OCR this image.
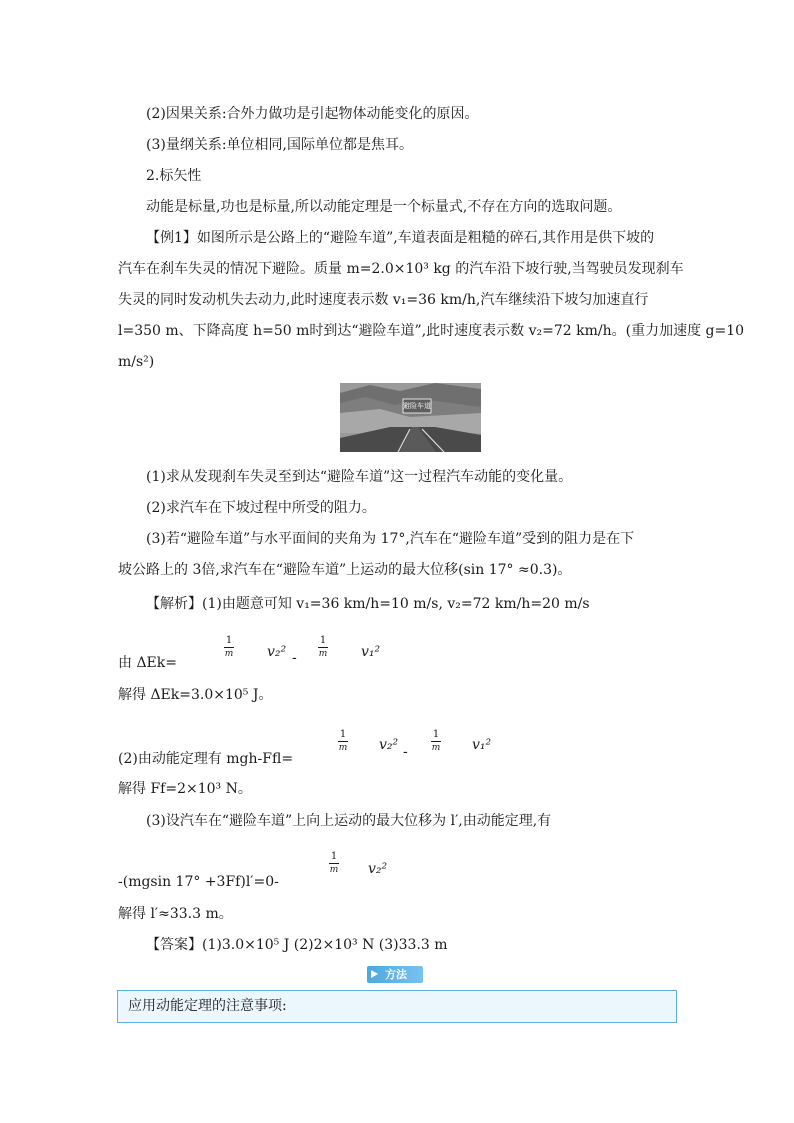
(2)因果关系:合外力做功是引起物体动能变化的原因。
(3)量纲关系:单位相同,国际单位都是焦耳。
2.标矢性
动能是标量,功也是标量,所以动能定理是一个标量式,不存在方向的选取问题。
【例1】如图所示是公路上的“避险车道”,车道表面是粗糙的碎石,其作用是供下坡的
汽车在刹车失灵的情况下避险。质量 m=2.0×10³ kg 的汽车沿下坡行驶,当驾驶员发现刹车
失灵的同时发动机失去动力,此时速度表示数 v₁=36 km/h,汽车继续沿下坡匀加速直行
l=350 m、下降高度 h=50 m时到达“避险车道”,此时速度表示数 v₂=72 km/h。(重力加速度 g=10
m/s²)
避险车道
(1)求从发现刹车失灵至到达“避险车道”这一过程汽车动能的变化量。
(2)求汽车在下坡过程中所受的阻力。
(3)若“避险车道”与水平面间的夹角为 17°,汽车在“避险车道”受到的阻力是在下
坡公路上的 3倍,求汽车在“避险车道”上运动的最大位移(sin 17° ≈0.3)。
【解析】(1)由题意可知 v₁=36 km/h=10 m/s, v₂=72 km/h=20 m/s
由 ΔEk=
1
m v₂² -
1
m v₁²
解得 ΔEk=3.0×10⁵ J。
(2)由动能定理有 mgh-Ffl=
1
m v₂² -
1
m v₁²
解得 Ff=2×10³ N。
(3)设汽车在“避险车道”上向上运动的最大位移为 l′,由动能定理,有
-(mgsin 17° +3Ff)l′=0-
1
m v₂²
解得 l′≈33.3 m。
【答案】(1)3.0×10⁵ J (2)2×10³ N (3)33.3 m
方法
应用动能定理的注意事项:
